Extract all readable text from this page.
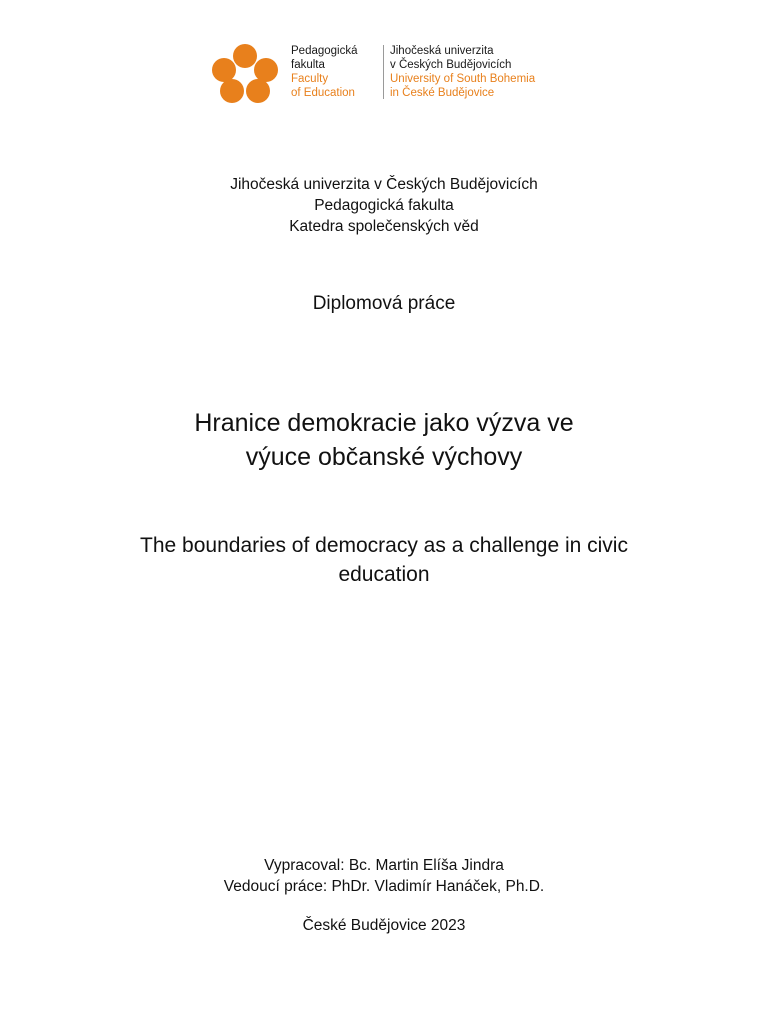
Pedagogická
fakulta
Faculty
of Education
Jihočeská univerzita
v Českých Budějovicích
University of South Bohemia
in České Budějovice
Jihočeská univerzita v Českých Budějovicích
Pedagogická fakulta
Katedra společenských věd
Diplomová práce
Hranice demokracie jako výzva ve
výuce občanské výchovy
The boundaries of democracy as a challenge in civic
education
Vypracoval: Bc. Martin Elíša Jindra
Vedoucí práce: PhDr. Vladimír Hanáček, Ph.D.
České Budějovice 2023
